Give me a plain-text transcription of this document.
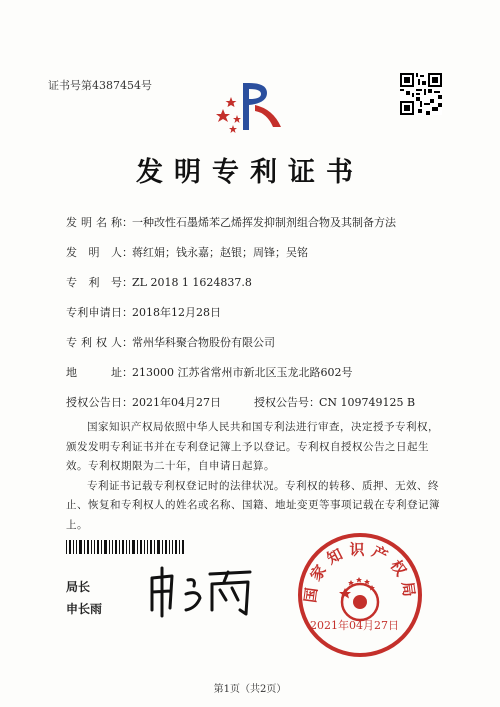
证书号第4387454号
发明专利证书
发明名称：一种改性石墨烯苯乙烯挥发抑制剂组合物及其制备方法
发明人：蒋红娟；钱永嘉；赵银；周锋；吴铭
专利号：ZL 2018 1 1624837.8
专利申请日：2018年12月28日
专利权人：常州华科聚合物股份有限公司
地址：213000 江苏省常州市新北区玉龙北路602号
授权公告日：2021年04月27日	授权公告号：CN 109749125 B

国家知识产权局依照中华人民共和国专利法进行审查，决定授予专利权，颁发发明专利证书并在专利登记簿上予以登记。专利权自授权公告之日起生效。专利权期限为二十年，自申请日起算。

专利证书记载专利权登记时的法律状况。专利权的转移、质押、无效、终止、恢复和专利权人的姓名或名称、国籍、地址变更等事项记载在专利登记簿上。

局长
申长雨
国家知识产权局
2021年04月27日
第1页（共2页）
